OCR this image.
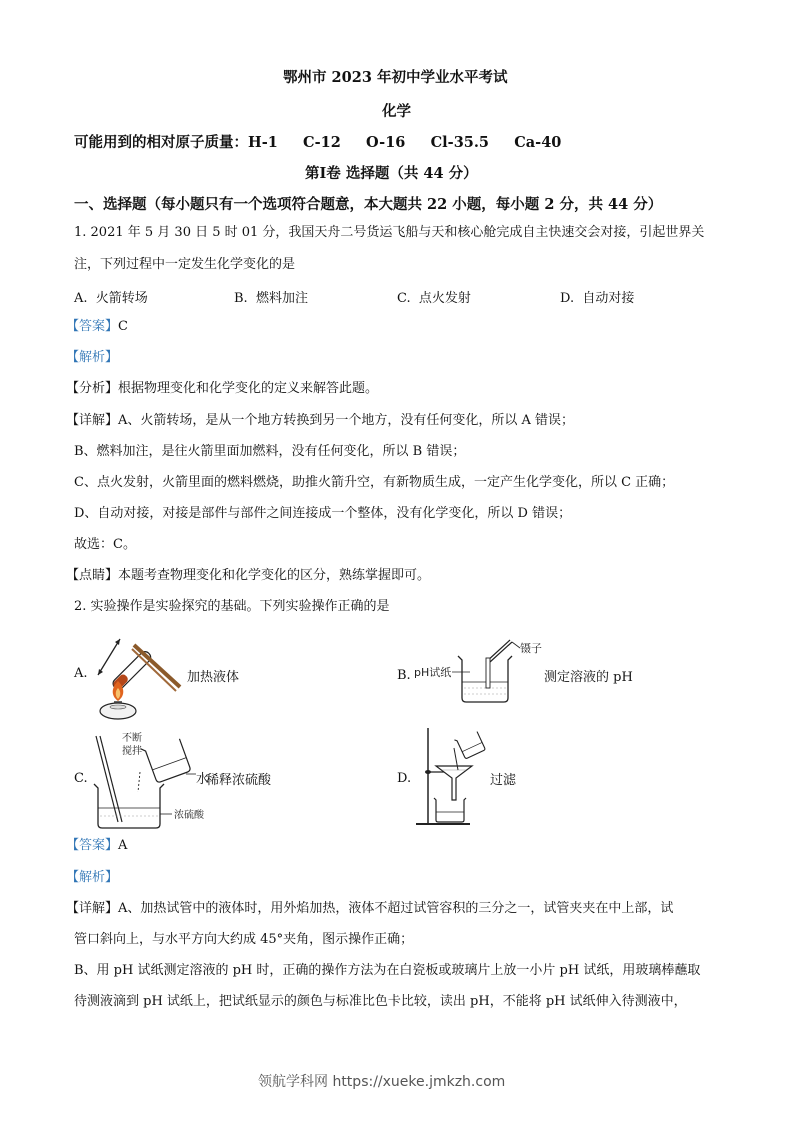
鄂州市 2023 年初中学业水平考试
化学
可能用到的相对原子质量：H-1     C-12     O-16     Cl-35.5     Ca-40
第Ⅰ卷 选择题（共 44 分）
一、选择题（每小题只有一个选项符合题意，本大题共 22 小题，每小题 2 分，共 44 分）
1. 2021 年 5 月 30 日 5 时 01 分，我国天舟二号货运飞船与天和核心舱完成自主快速交会对接，引起世界关
注，下列过程中一定发生化学变化的是
A.  火箭转场	B.  燃料加注	C.  点火发射	D.  自动对接
【答案】C
【解析】
【分析】根据物理变化和化学变化的定义来解答此题。
【详解】A、火箭转场，是从一个地方转换到另一个地方，没有任何变化，所以 A 错误；
B、燃料加注，是往火箭里面加燃料，没有任何变化，所以 B 错误；
C、点火发射，火箭里面的燃料燃烧，助推火箭升空，有新物质生成，一定产生化学变化，所以 C 正确；
D、自动对接，对接是部件与部件之间连接成一个整体，没有化学变化，所以 D 错误；
故选：C。
【点睛】本题考查物理变化和化学变化的区分，熟练掌握即可。
2. 实验操作是实验探究的基础。下列实验操作正确的是
A.	加热液体	B.
镊子
pH试纸	测定溶液的 pH
C.
不断
搅拌
浓硫酸
水
稀释浓硫酸	D.	过滤
【答案】A
【解析】
【详解】A、加热试管中的液体时，用外焰加热，液体不超过试管容积的三分之一，试管夹夹在中上部，试
管口斜向上，与水平方向大约成 45°夹角，图示操作正确；
B、用 pH 试纸测定溶液的 pH 时，正确的操作方法为在白瓷板或玻璃片上放一小片 pH 试纸，用玻璃棒蘸取
待测液滴到 pH 试纸上，把试纸显示的颜色与标准比色卡比较，读出 pH，不能将 pH 试纸伸入待测液中，
领航学科网 https://xueke.jmkzh.com
